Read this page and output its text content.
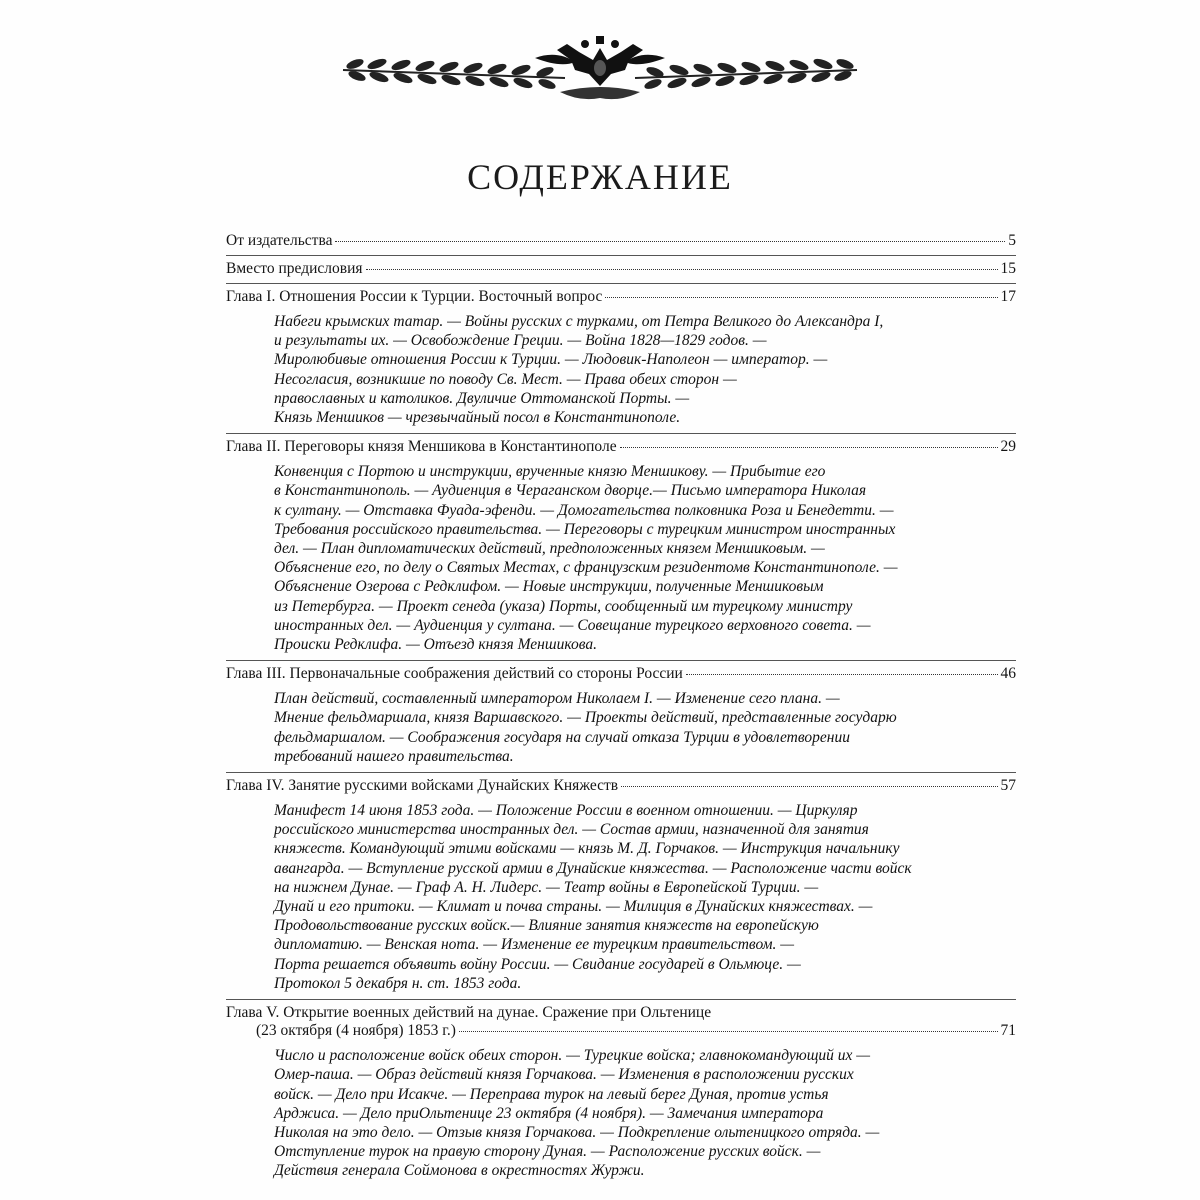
СОДЕРЖАНИЕ
От издательства	5
Вместо предисловия	15
Глава I. Отношения России к Турции. Восточный вопрос	17
Набеги крымских татар. — Войны русских с турками, от Петра Великого до Александра I,
и результаты их. — Освобождение Греции. — Война 1828—1829 годов. —
Миролюбивые отношения России к Турции. — Людовик-Наполеон — император. —
Несогласия, возникшие по поводу Св. Мест. — Права обеих сторон —
православных и католиков. Двуличие Оттоманской Порты. —
Князь Меншиков — чрезвычайный посол в Константинополе.
Глава II. Переговоры князя Меншикова в Константинополе	29
Конвенция с Портою и инструкции, врученные князю Меншикову. — Прибытие его
в Константинополь. — Аудиенция в Чераганском дворце.— Письмо императора Николая
к султану. — Отставка Фуада-эфенди. — Домогательства полковника Роза и Бенедетти. —
Требования российского правительства. — Переговоры с турецким министром иностранных
дел. — План дипломатических действий, предположенных князем Меншиковым. —
Объяснение его, по делу о Святых Местах, с французским резидентомв Константинополе. —
Объяснение Озерова с Редклифом. — Новые инструкции, полученные Меншиковым
из Петербурга. — Проект сенеда (указа) Порты, сообщенный им турецкому министру
иностранных дел. — Аудиенция у султана. — Совещание турецкого верховного совета. —
Происки Редклифа. — Отъезд князя Меншикова.
Глава III. Первоначальные соображения действий со стороны России	46
План действий, составленный императором Николаем I. — Изменение сего плана. —
Мнение фельдмаршала, князя Варшавского. — Проекты действий, представленные государю
фельдмаршалом. — Соображения государя на случай отказа Турции в удовлетворении
требований нашего правительства.
Глава IV. Занятие русскими войсками Дунайских Княжеств	57
Манифест 14 июня 1853 года. — Положение России в военном отношении. — Циркуляр
российского министерства иностранных дел. — Состав армии, назначенной для занятия
княжеств. Командующий этими войсками — князь М. Д. Горчаков. — Инструкция начальнику
авангарда. — Вступление русской армии в Дунайские княжества. — Расположение части войск
на нижнем Дунае. — Граф А. Н. Лидерс. — Театр войны в Европейской Турции. —
Дунай и его притоки. — Климат и почва страны. — Милиция в Дунайских княжествах. —
Продовольствование русских войск.— Влияние занятия княжеств на европейскую
дипломатию. — Венская нота. — Изменение ее турецким правительством. —
Порта решается объявить войну России. — Свидание государей в Ольмюце. —
Протокол 5 декабря н. ст. 1853 года.
Глава V. Открытие военных действий на дунае. Сражение при Ольтенице
(23 октября (4 ноября) 1853 г.)	71
Число и расположение войск обеих сторон. — Турецкие войска; главнокомандующий их —
Омер-паша. — Образ действий князя Горчакова. — Изменения в расположении русских
войск. — Дело при Исакче. — Переправа турок на левый берег Дуная, против устья
Арджиса. — Дело приОльтенице 23 октября (4 ноября). — Замечания императора
Николая на это дело. — Отзыв князя Горчакова. — Подкрепление ольтеницкого отряда. —
Отступление турок на правую сторону Дуная. — Расположение русских войск. —
Действия генерала Соймонова в окрестностях Журжи.
